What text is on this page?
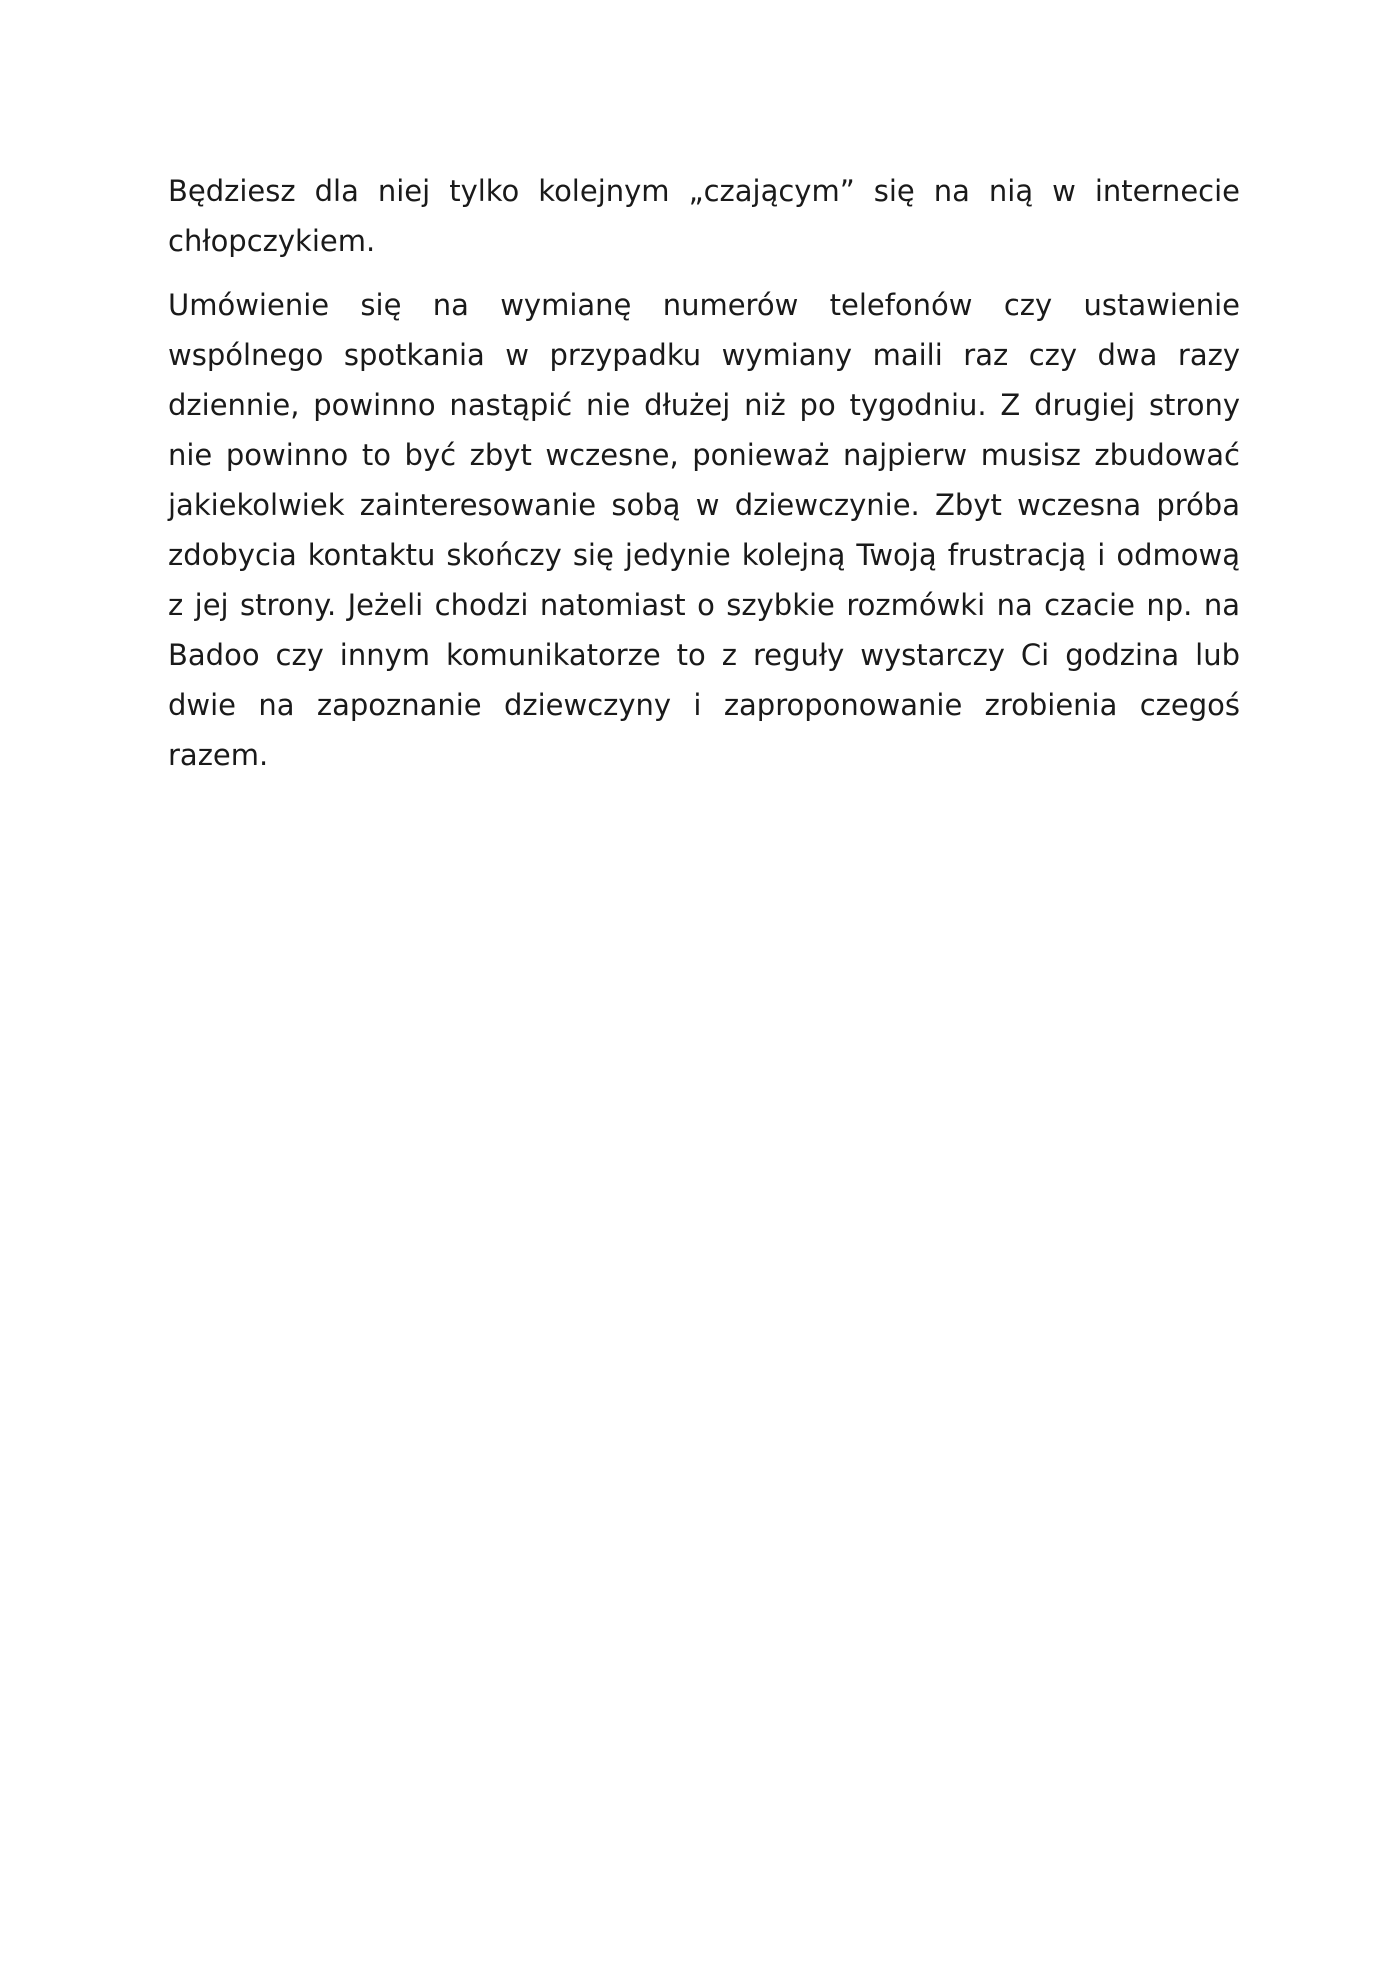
Będziesz dla niej tylko kolejnym „czającym” się na nią w internecie chłopczykiem.

Umówienie się na wymianę numerów telefonów czy ustawienie wspólnego spotkania w przypadku wymiany maili raz czy dwa razy dziennie, powinno nastąpić nie dłużej niż po tygodniu. Z drugiej strony nie powinno to być zbyt wczesne, ponieważ najpierw musisz zbudować jakiekolwiek zainteresowanie sobą w dziewczynie. Zbyt wczesna próba zdobycia kontaktu skończy się jedynie kolejną Twoją frustracją i odmową z jej strony. Jeżeli chodzi natomiast o szybkie rozmówki na czacie np. na Badoo czy innym komunikatorze to z reguły wystarczy Ci godzina lub dwie na zapoznanie dziewczyny i zaproponowanie zrobienia czegoś razem.
